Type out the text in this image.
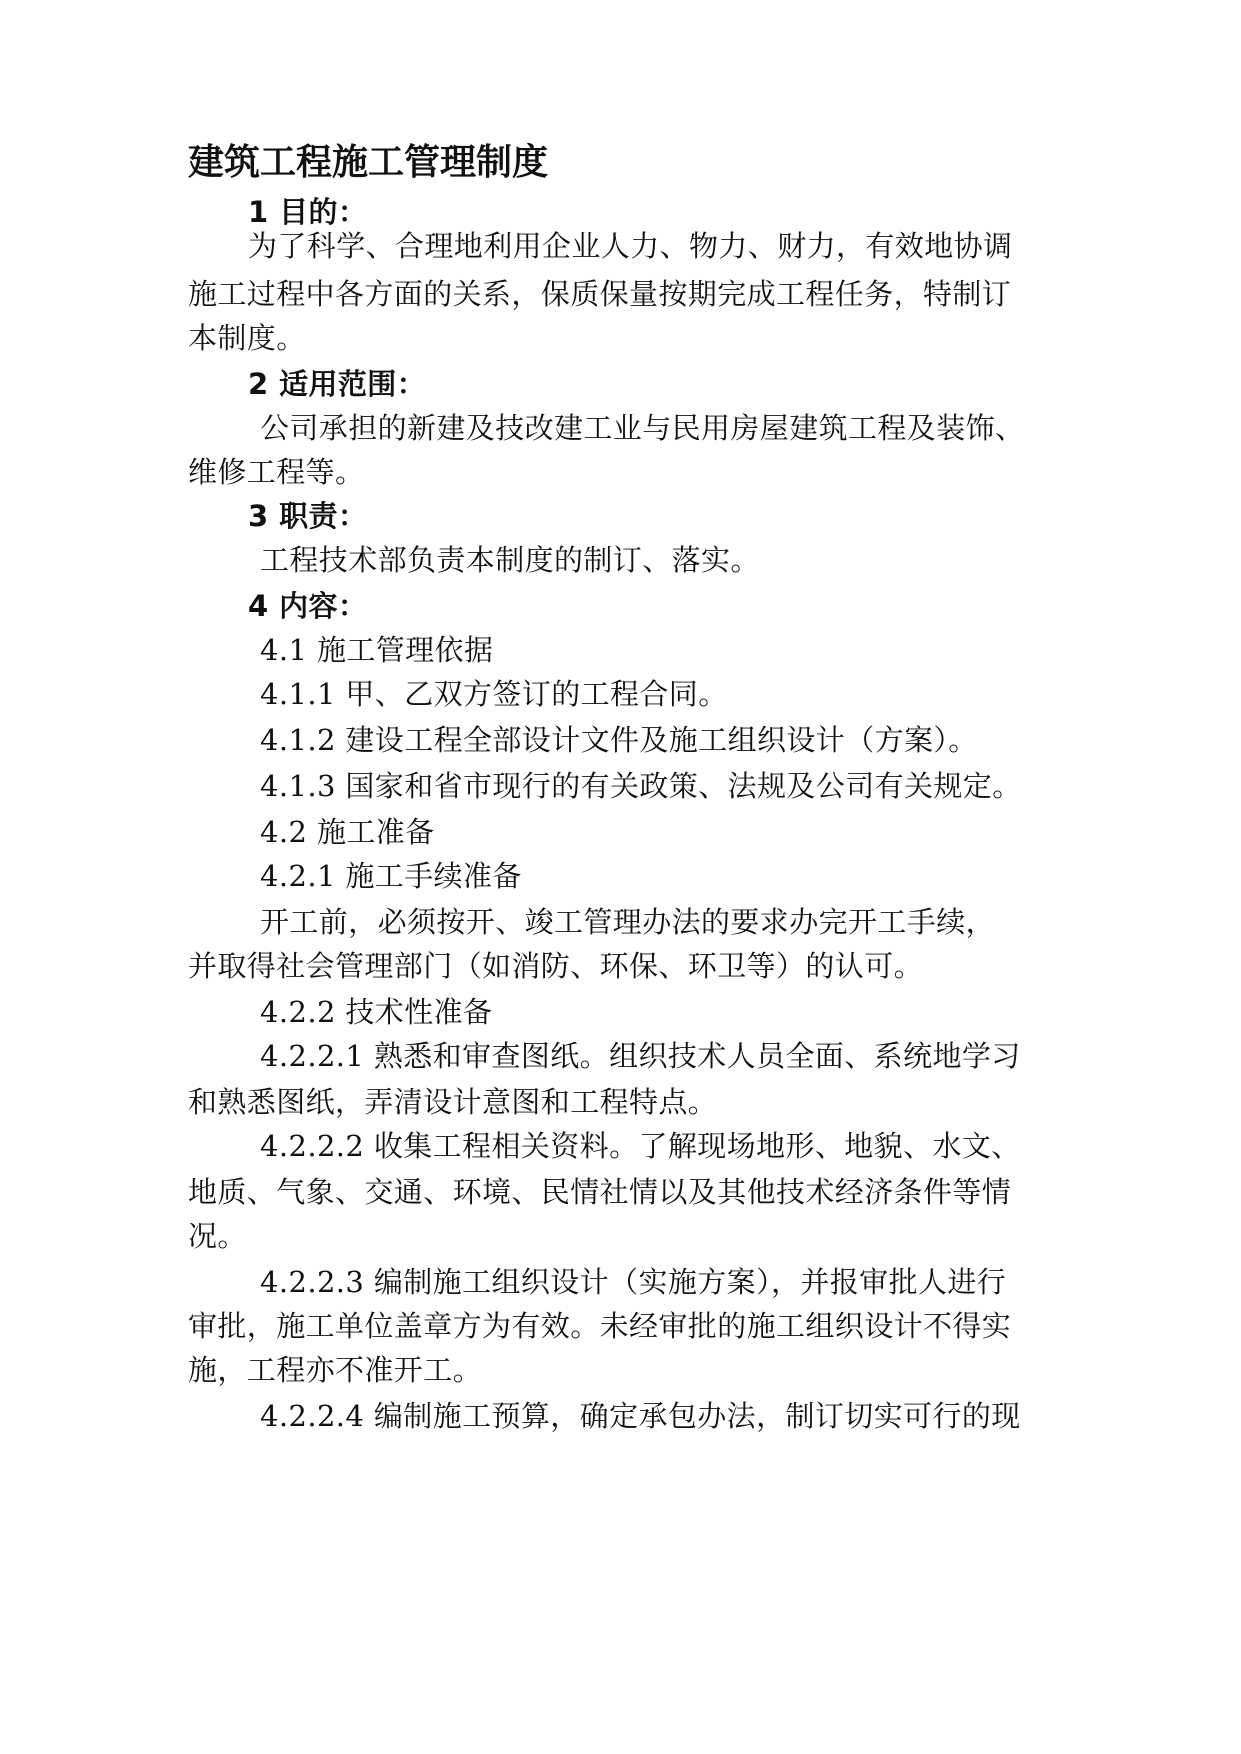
建筑工程施工管理制度
1 目的：
为了科学、合理地利用企业人力、物力、财力，有效地协调
施工过程中各方面的关系，保质保量按期完成工程任务，特制订
本制度。
2 适用范围：
公司承担的新建及技改建工业与民用房屋建筑工程及装饰、
维修工程等。
3 职责：
工程技术部负责本制度的制订、落实。
4 内容：
4.1 施工管理依据
4.1.1 甲、乙双方签订的工程合同。
4.1.2 建设工程全部设计文件及施工组织设计（方案）。
4.1.3 国家和省市现行的有关政策、法规及公司有关规定。
4.2 施工准备
4.2.1 施工手续准备
开工前，必须按开、竣工管理办法的要求办完开工手续，
并取得社会管理部门（如消防、环保、环卫等）的认可。
4.2.2 技术性准备
4.2.2.1 熟悉和审查图纸。组织技术人员全面、系统地学习
和熟悉图纸，弄清设计意图和工程特点。
4.2.2.2 收集工程相关资料。了解现场地形、地貌、水文、
地质、气象、交通、环境、民情社情以及其他技术经济条件等情
况。
4.2.2.3 编制施工组织设计（实施方案），并报审批人进行
审批，施工单位盖章方为有效。未经审批的施工组织设计不得实
施，工程亦不准开工。
4.2.2.4 编制施工预算，确定承包办法，制订切实可行的现
